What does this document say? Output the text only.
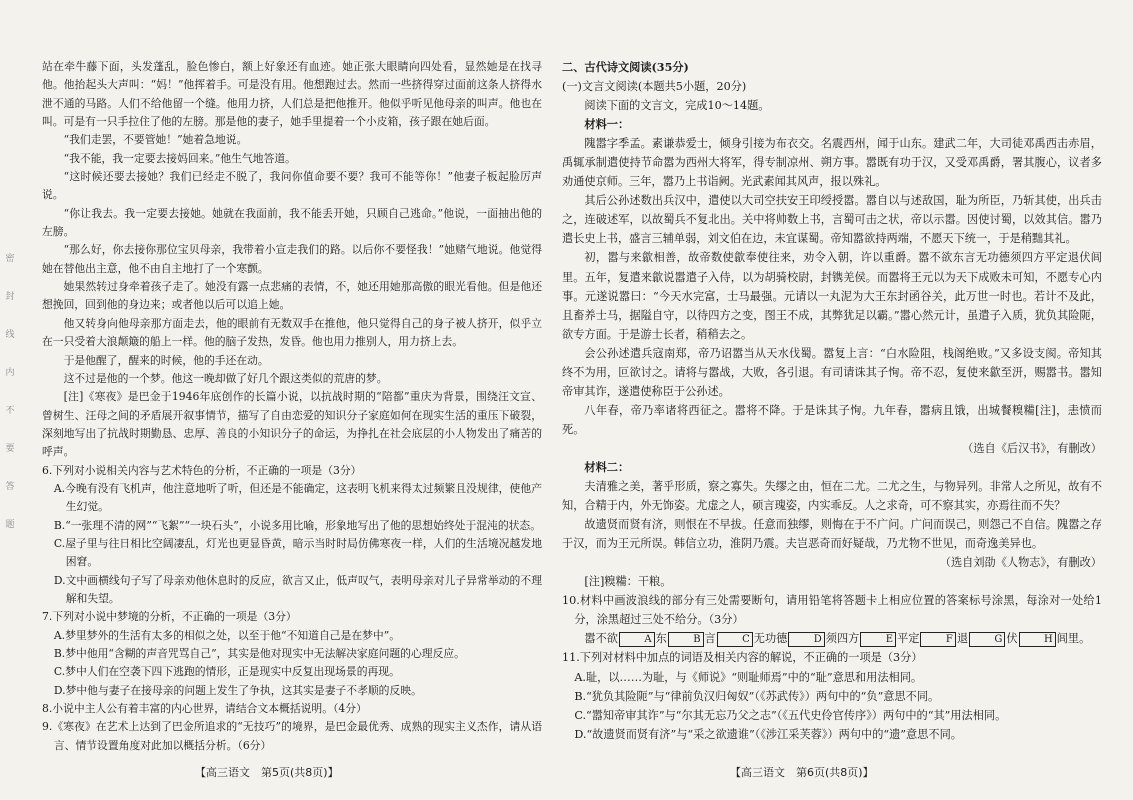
密
封
线
内
不
要
答
题

站在牵牛藤下面，头发蓬乱，脸色惨白，额上好象还有血迹。她正张大眼睛向四处看，显然她是在找寻他。他抬起头大声叫：“妈！”他挥着手。可是没有用。他想跑过去。然而一些挤得穿过面前这条人挤得水泄不通的马路。人们不给他留一个缝。他用力挤，人们总是把他推开。他似乎听见他母亲的叫声。他也在叫。可是有一只手拉住了他的左膀。那是他的妻子，她手里提着一个小皮箱，孩子跟在她后面。

“我们走罢，不要管她！”她着急地说。

“我不能，我一定要去接妈回来。”他生气地答道。

“这时候还要去接她？我们已经走不脱了，我问你值命要不要？我可不能等你！”他妻子板起脸厉声说。

“你让我去。我一定要去接她。她就在我面前，我不能丢开她，只顾自己逃命。”他说，一面抽出他的左膀。

“那么好，你去接你那位宝贝母亲，我带着小宣走我们的路。以后你不要怪我！”她赌气地说。他觉得她在替他出主意，他不由自主地打了一个寒颤。

她果然转过身牵着孩子走了。她没有露一点悲痛的表情，不，她还用她那高傲的眼光看他。但是他还想挽回，回到他的身边来；或者他以后可以追上她。

他又转身向他母亲那方面走去，他的眼前有无数双手在推他，他只觉得自己的身子被人挤开，似乎立在一只受着大浪颠簸的船上一样。他的脑子发热，发昏。他也用力推别人，用力挤上去。

于是他醒了，醒来的时候，他的手还在动。

这不过是他的一个梦。他这一晚却做了好几个跟这类似的荒唐的梦。

[注]《寒夜》是巴金于1946年底创作的长篇小说，以抗战时期的“陪都”重庆为背景，围绕汪文宣、曾树生、汪母之间的矛盾展开叙事情节，描写了自由恋爱的知识分子家庭如何在现实生活的重压下破裂，深刻地写出了抗战时期勤恳、忠厚、善良的小知识分子的命运，为挣扎在社会底层的小人物发出了痛苦的呼声。

6.下列对小说相关内容与艺术特色的分析，不正确的一项是（3分）

A.今晚有没有飞机声，他注意地听了听，但还是不能确定，这表明飞机来得太过频繁且没规律，使他产生幻觉。

B.“一张理不清的网”“飞絮”“一块石头”，小说多用比喻，形象地写出了他的思想始终处于混沌的状态。

C.屋子里与往日相比空阔凄乱，灯光也更显昏黄，暗示当时时局仿佛寒夜一样，人们的生活境况越发地困窘。

D.文中画横线句子写了母亲劝他休息时的反应，欲言又止，低声叹气，表明母亲对儿子异常举动的不理解和失望。

7.下列对小说中梦境的分析，不正确的一项是（3分）

A.梦里梦外的生活有太多的相似之处，以至于他“不知道自己是在梦中”。

B.梦中他用“含糊的声音咒骂自己”，其实是他对现实中无法解决家庭问题的心理反应。

C.梦中人们在空袭下四下逃跑的情形，正是现实中反复出现场景的再现。

D.梦中他与妻子在接母亲的问题上发生了争执，这其实是妻子不孝顺的反映。

8.小说中主人公有着丰富的内心世界，请结合文本概括说明。（4分）

9.《寒夜》在艺术上达到了巴金所追求的“无技巧”的境界，是巴金最优秀、成熟的现实主义杰作，请从语言、情节设置角度对此加以概括分析。（6分）

二、古代诗文阅读(35分)

(一)文言文阅读(本题共5小题，20分)

阅读下面的文言文，完成10～14题。

材料一：

隗嚣字季孟。素谦恭爱士，倾身引接为布衣交。名震西州，闻于山东。建武二年，大司徒邓禹西击赤眉，禹辄承制遣使持节命嚣为西州大将军，得专制凉州、朔方事。嚣既有功于汉，又受邓禹爵，署其腹心，议者多劝通使京师。三年，嚣乃上书诣阙。光武素闻其风声，报以殊礼。

其后公孙述数出兵汉中，遣使以大司空扶安王印绶授嚣。嚣自以与述敌国，耻为所臣，乃斩其使，出兵击之，连破述军，以故蜀兵不复北出。关中将帅数上书，言蜀可击之状，帝以示嚣。因使讨蜀，以效其信。嚣乃遣长史上书，盛言三辅单弱，刘文伯在边，未宜谋蜀。帝知嚣欲持两端，不愿天下统一，于是稍黜其礼。

初，嚣与来歙相善，故帝数使歙奉使往来，劝令入朝，许以重爵。嚣不欲东言无功德须四方平定退伏闾里。五年，复遣来歙说嚣遣子入侍，以为胡骑校尉，封镌羌侯。而嚣将王元以为天下成败未可知，不愿专心内事。元遂说嚣曰：“今天水完富，士马最强。元请以一丸泥为大王东封函谷关，此万世一时也。若计不及此，且畜养士马，据隘自守，以待四方之变，图王不成，其弊犹足以霸。”嚣心然元计，虽遣子入质，犹负其险阨，欲专方面。于是游士长者，稍稍去之。

会公孙述遣兵寇南郑，帝乃诏嚣当从天水伐蜀。嚣复上言：“白水险阻，栈阁绝败。”又多设支阂。帝知其终不为用，叵欲讨之。请将与嚣战，大败，各引退。有司请诛其子恂。帝不忍，复使来歙至汧，赐嚣书。嚣知帝审其诈，遂遣使称臣于公孙述。

八年春，帝乃率诸将西征之。嚣将不降。于是诛其子恂。九年春，嚣病且饿，出城餐糗糒[注]，恚愤而死。

（选自《后汉书》，有删改）

材料二：

夫清雅之美，著乎形质，察之寡失。失缪之由，恒在二尤。二尤之生，与物异列。非常人之所见，故有不知，合精于内，外无饰姿。尤虚之人，硕言瑰姿，内实乖反。人之求奇，可不察其实，亦焉往而不失？

故遗贤而贤有济，则恨在不早拔。任意而独缪，则悔在于不广问。广问而误己，则怨己不自信。隗嚣之存于汉，而为王元所误。韩信立功，淮阴乃震。夫岂恶奇而好疑哉，乃尤物不世见，而奇逸美异也。

（选自刘劭《人物志》，有删改）

[注]糗糒：干粮。

10.材料中画波浪线的部分有三处需要断句，请用铅笔将答题卡上相应位置的答案标号涂黑，每涂对一处给1分，涂黑超过三处不给分。（3分）

嚣不欲	A 东	B 言	C 无功德	D 须四方	E 平定	F 退	G 伏	H 闾里。

11.下列对材料中加点的词语及相关内容的解说，不正确的一项是（3分）

A.耻，以……为耻，与《师说》“则耻师焉”中的“耻”意思和用法相同。

B.“犹负其险阨”与“律前负汉归匈奴”（《苏武传》）两句中的“负”意思不同。

C.“嚣知帝审其诈”与“尔其无忘乃父之志”（《五代史伶官传序》）两句中的“其”用法相同。

D.“故遗贤而贤有济”与“采之欲遗谁”（《涉江采芙蓉》）两句中的“遗”意思不同。

【高三语文　第5页(共8页)】	【高三语文　第6页(共8页)】
